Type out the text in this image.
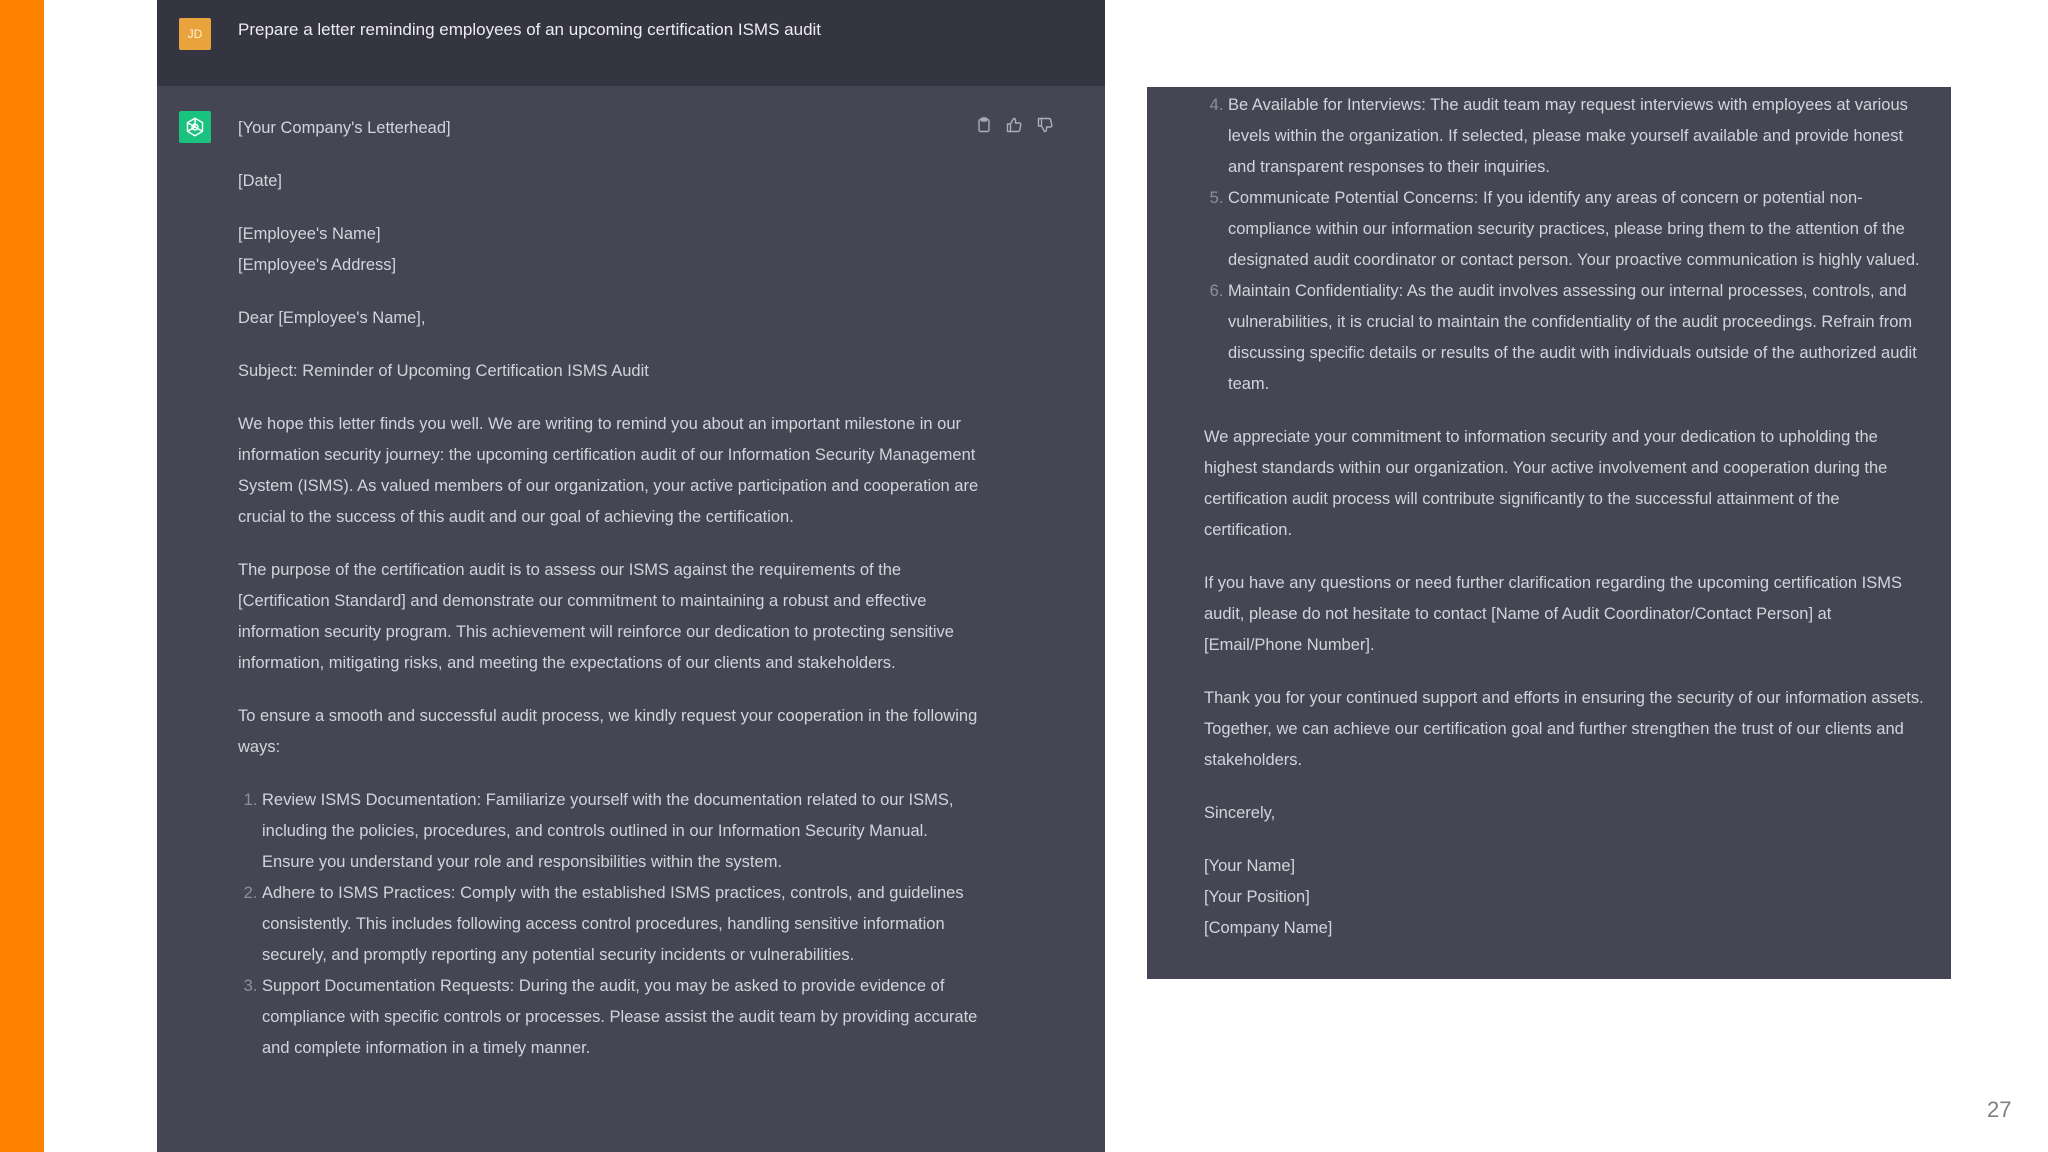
JD	Prepare a letter reminding employees of an upcoming certification ISMS audit

[Your Company's Letterhead]

[Date]

[Employee's Name]
[Employee's Address]

Dear [Employee's Name],

Subject: Reminder of Upcoming Certification ISMS Audit

We hope this letter finds you well. We are writing to remind you about an important milestone in our information security journey: the upcoming certification audit of our Information Security Management System (ISMS). As valued members of our organization, your active participation and cooperation are crucial to the success of this audit and our goal of achieving the certification.

The purpose of the certification audit is to assess our ISMS against the requirements of the [Certification Standard] and demonstrate our commitment to maintaining a robust and effective information security program. This achievement will reinforce our dedication to protecting sensitive information, mitigating risks, and meeting the expectations of our clients and stakeholders.

To ensure a smooth and successful audit process, we kindly request your cooperation in the following ways:

1. Review ISMS Documentation: Familiarize yourself with the documentation related to our ISMS, including the policies, procedures, and controls outlined in our Information Security Manual. Ensure you understand your role and responsibilities within the system.
2. Adhere to ISMS Practices: Comply with the established ISMS practices, controls, and guidelines consistently. This includes following access control procedures, handling sensitive information securely, and promptly reporting any potential security incidents or vulnerabilities.
3. Support Documentation Requests: During the audit, you may be asked to provide evidence of compliance with specific controls or processes. Please assist the audit team by providing accurate and complete information in a timely manner.
4. Be Available for Interviews: The audit team may request interviews with employees at various levels within the organization. If selected, please make yourself available and provide honest and transparent responses to their inquiries.
5. Communicate Potential Concerns: If you identify any areas of concern or potential non-compliance within our information security practices, please bring them to the attention of the designated audit coordinator or contact person. Your proactive communication is highly valued.
6. Maintain Confidentiality: As the audit involves assessing our internal processes, controls, and vulnerabilities, it is crucial to maintain the confidentiality of the audit proceedings. Refrain from discussing specific details or results of the audit with individuals outside of the authorized audit team.

We appreciate your commitment to information security and your dedication to upholding the highest standards within our organization. Your active involvement and cooperation during the certification audit process will contribute significantly to the successful attainment of the certification.

If you have any questions or need further clarification regarding the upcoming certification ISMS audit, please do not hesitate to contact [Name of Audit Coordinator/Contact Person] at [Email/Phone Number].

Thank you for your continued support and efforts in ensuring the security of our information assets. Together, we can achieve our certification goal and further strengthen the trust of our clients and stakeholders.

Sincerely,

[Your Name]

[Your Position]

[Company Name]

27
